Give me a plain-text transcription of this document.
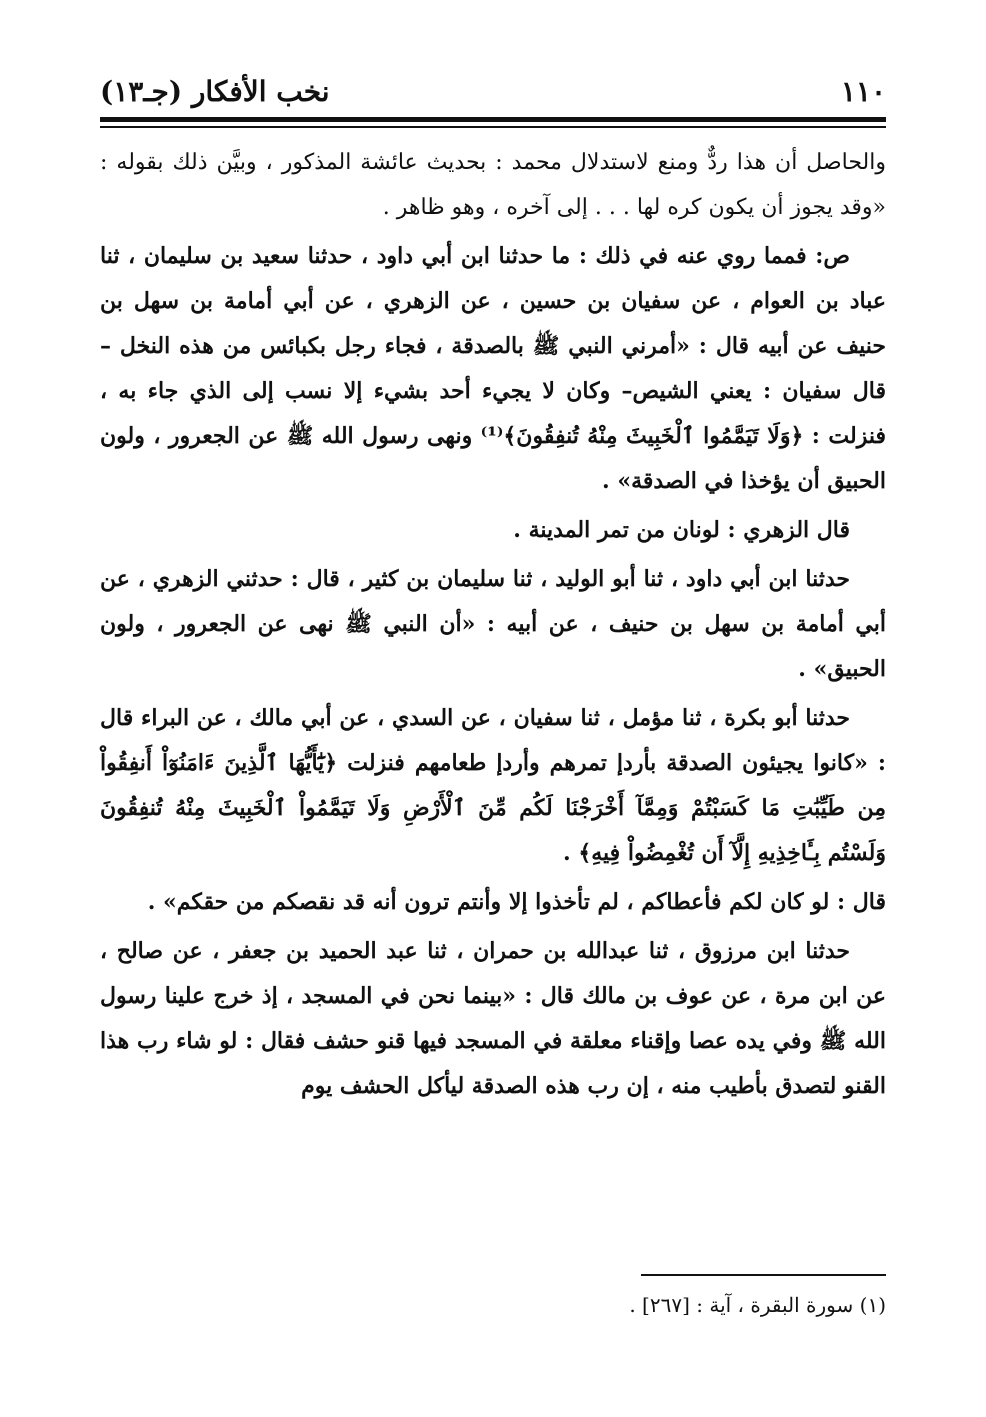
١١٠
نخب الأفكار (جـ١٣)

والحاصل أن هذا ردٌّ ومنع لاستدلال محمد : بحديث عائشة المذكور ، وبيَّن ذلك بقوله : «وقد يجوز أن يكون كره لها . . . إلى آخره ، وهو ظاهر .

ص: فمما روي عنه في ذلك : ما حدثنا ابن أبي داود ، حدثنا سعيد بن سليمان ، ثنا عباد بن العوام ، عن سفيان بن حسين ، عن الزهري ، عن أبي أمامة بن سهل بن حنيف عن أبيه قال : «أمرني النبي ﷺ بالصدقة ، فجاء رجل بكبائس من هذه النخل –قال سفيان : يعني الشيص– وكان لا يجيء أحد بشيء إلا نسب إلى الذي جاء به ، فنزلت : ﴿وَلَا تَيَمَّمُوا ٱلْخَبِيثَ مِنْهُ تُنفِقُونَ﴾⁽¹⁾ ونهى رسول الله ﷺ عن الجعرور ، ولون الحبيق أن يؤخذا في الصدقة» .

قال الزهري : لونان من تمر المدينة .

حدثنا ابن أبي داود ، ثنا أبو الوليد ، ثنا سليمان بن كثير ، قال : حدثني الزهري ، عن أبي أمامة بن سهل بن حنيف ، عن أبيه : «أن النبي ﷺ نهى عن الجعرور ، ولون الحبيق» .

حدثنا أبو بكرة ، ثنا مؤمل ، ثنا سفيان ، عن السدي ، عن أبي مالك ، عن البراء قال : «كانوا يجيئون الصدقة بأردإ تمرهم وأردإ طعامهم فنزلت ﴿يَٰٓأَيُّهَا ٱلَّذِينَ ءَامَنُوٓاْ أَنفِقُواْ مِن طَيِّبَٰتِ مَا كَسَبْتُمْ وَمِمَّآ أَخْرَجْنَا لَكُم مِّنَ ٱلْأَرْضِ وَلَا تَيَمَّمُواْ ٱلْخَبِيثَ مِنْهُ تُنفِقُونَ وَلَسْتُم بِـَٔاخِذِيهِ إِلَّآ أَن تُغْمِضُواْ فِيهِ﴾ .

قال : لو كان لكم فأعطاكم ، لم تأخذوا إلا وأنتم ترون أنه قد نقصكم من حقكم» .

حدثنا ابن مرزوق ، ثنا عبدالله بن حمران ، ثنا عبد الحميد بن جعفر ، عن صالح ، عن ابن مرة ، عن عوف بن مالك قال : «بينما نحن في المسجد ، إذ خرج علينا رسول الله ﷺ وفي يده عصا وإقناء معلقة في المسجد فيها قنو حشف فقال : لو شاء رب هذا القنو لتصدق بأطيب منه ، إن رب هذه الصدقة ليأكل الحشف يوم

(١) سورة البقرة ، آية : [٢٦٧] .
